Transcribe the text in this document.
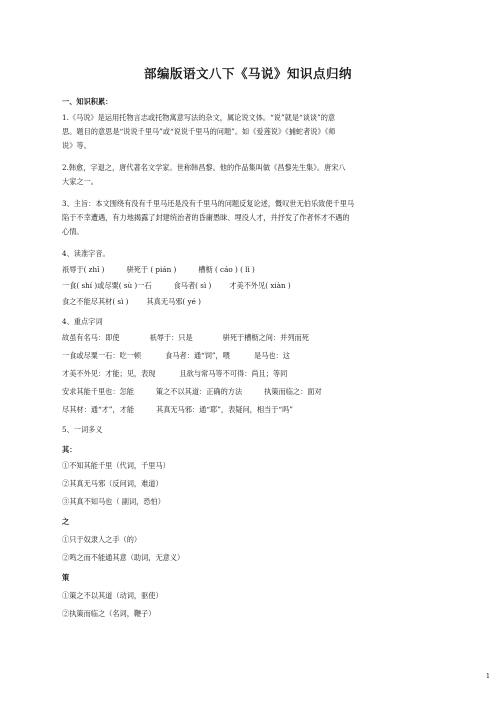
部编版语文八下《马说》知识点归纳
一、知识积累：
1.《马说》是运用托物言志或托物寓意写法的杂文，属论说文体。“说”就是“谈谈”的意
思。题目的意思是“说说千里马”或“说说千里马的问题”。如《爱莲说》《捕蛇者说》《师
说》等。
2.韩愈，字退之，唐代著名文学家。世称韩昌黎。他的作品集叫做《昌黎先生集》。唐宋八
大家之一。
3、主旨：本文围绕有没有千里马还是没有千里马的问题反复论述，慨叹世无伯乐致使千里马
陷于不幸遭遇，有力地揭露了封建统治者的昏庸愚昧、埋没人才，并抒发了作者怀才不遇的
心情。
4、读准字音。
祇辱于( zhǐ )	骈死于 ( pián )	槽枥 ( cáo ) ( lì )
一食( shí )或尽粟( sù )一石	食马者( sì )	才美不外见( xiàn )
食之不能尽其材( sì )	其真无马邪( yé )
4、重点字词
故虽有名马：即使	祇辱于：只是	骈死于槽枥之间：并列而死
一食或尽粟一石：吃一顿	食马者：通“饲”，喂	是马也：这
才美不外见：才能；见，表现	且欲与常马等不可得：尚且；等同
安求其能千里也：怎能	策之不以其道：正确的方法	执策而临之：面对
尽其材：通“才”，才能	其真无马邪：通“耶”，表疑问，相当于“吗”
5、一词多义
其：
①不知其能千里（代词，千里马）
②其真无马邪（反问词，难道）
③其真不知马也（ 副词，恐怕）
之
①只于奴隶人之手（的）
②鸣之而不能通其意（助词，无意义）
策
①策之不以其道（动词，驱使）
②执策而临之（名词，鞭子）
1
